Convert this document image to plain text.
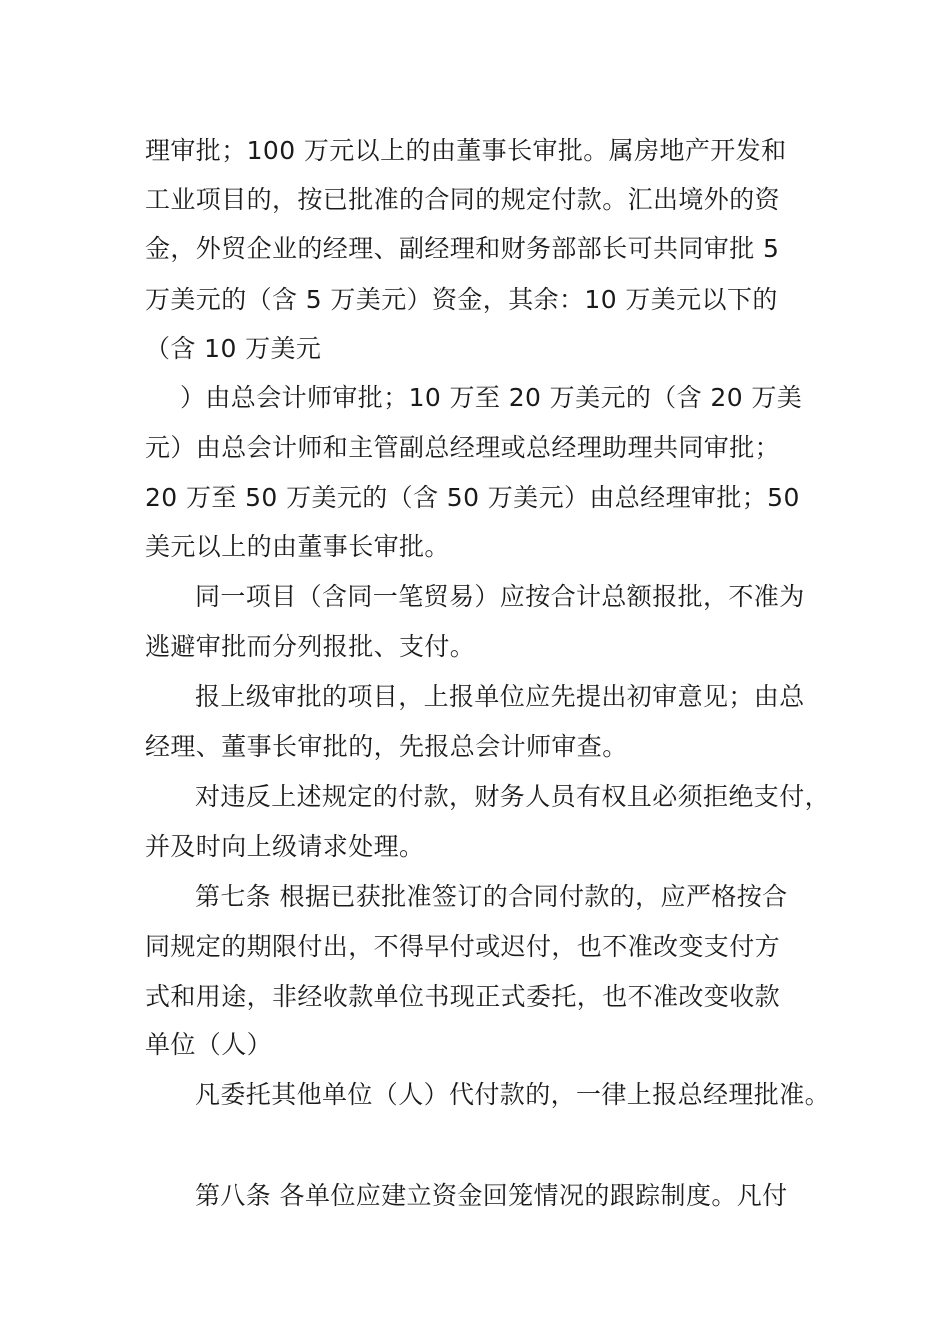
理审批；100 万元以上的由董事长审批。属房地产开发和
工业项目的，按已批准的合同的规定付款。汇出境外的资
金，外贸企业的经理、副经理和财务部部长可共同审批 5
万美元的（含 5 万美元）资金，其余：10 万美元以下的
（含 10 万美元
）由总会计师审批；10 万至 20 万美元的（含 20 万美
元）由总会计师和主管副总经理或总经理助理共同审批；
20 万至 50 万美元的（含 50 万美元）由总经理审批；50
美元以上的由董事长审批。
同一项目（含同一笔贸易）应按合计总额报批，不准为
逃避审批而分列报批、支付。
报上级审批的项目，上报单位应先提出初审意见；由总
经理、董事长审批的，先报总会计师审查。
对违反上述规定的付款，财务人员有权且必须拒绝支付，
并及时向上级请求处理。
第七条 根据已获批准签订的合同付款的，应严格按合
同规定的期限付出，不得早付或迟付，也不准改变支付方
式和用途，非经收款单位书现正式委托，也不准改变收款
单位（人）
凡委托其他单位（人）代付款的，一律上报总经理批准。
第八条 各单位应建立资金回笼情况的跟踪制度。凡付
